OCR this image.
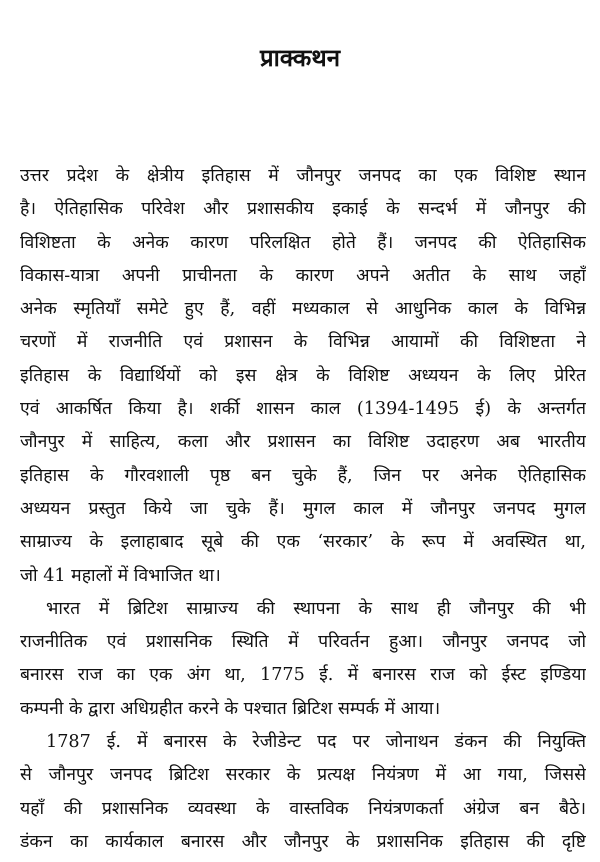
प्राक्कथन
उत्तर प्रदेश के क्षेत्रीय इतिहास में जौनपुर जनपद का एक विशिष्ट स्थान
है। ऐतिहासिक परिवेश और प्रशासकीय इकाई के सन्दर्भ में जौनपुर की
विशिष्टता के अनेक कारण परिलक्षित होते हैं। जनपद की ऐतिहासिक
विकास-यात्रा अपनी प्राचीनता के कारण अपने अतीत के साथ जहाँ
अनेक स्मृतियाँ समेटे हुए हैं, वहीं मध्यकाल से आधुनिक काल के विभिन्न
चरणों में राजनीति एवं प्रशासन के विभिन्न आयामों की विशिष्टता ने
इतिहास के विद्यार्थियों को इस क्षेत्र के विशिष्ट अध्ययन के लिए प्रेरित
एवं आकर्षित किया है। शर्की शासन काल (1394-1495 ई) के अन्तर्गत
जौनपुर में साहित्य, कला और प्रशासन का विशिष्ट उदाहरण अब भारतीय
इतिहास के गौरवशाली पृष्ठ बन चुके हैं, जिन पर अनेक ऐतिहासिक
अध्ययन प्रस्तुत किये जा चुके हैं। मुगल काल में जौनपुर जनपद मुगल
साम्राज्य के इलाहाबाद सूबे की एक ‘सरकार’ के रूप में अवस्थित था,
जो 41 महालों में विभाजित था।
भारत में ब्रिटिश साम्राज्य की स्थापना के साथ ही जौनपुर की भी
राजनीतिक एवं प्रशासनिक स्थिति में परिवर्तन हुआ। जौनपुर जनपद जो
बनारस राज का एक अंग था, 1775 ई. में बनारस राज को ईस्ट इण्डिया
कम्पनी के द्वारा अधिग्रहीत करने के पश्चात ब्रिटिश सम्पर्क में आया।
1787 ई. में बनारस के रेजीडेन्ट पद पर जोनाथन डंकन की नियुक्ति
से जौनपुर जनपद ब्रिटिश सरकार के प्रत्यक्ष नियंत्रण में आ गया, जिससे
यहाँ की प्रशासनिक व्यवस्था के वास्तविक नियंत्रणकर्ता अंग्रेज बन बैठे।
डंकन का कार्यकाल बनारस और जौनपुर के प्रशासनिक इतिहास की दृष्टि
